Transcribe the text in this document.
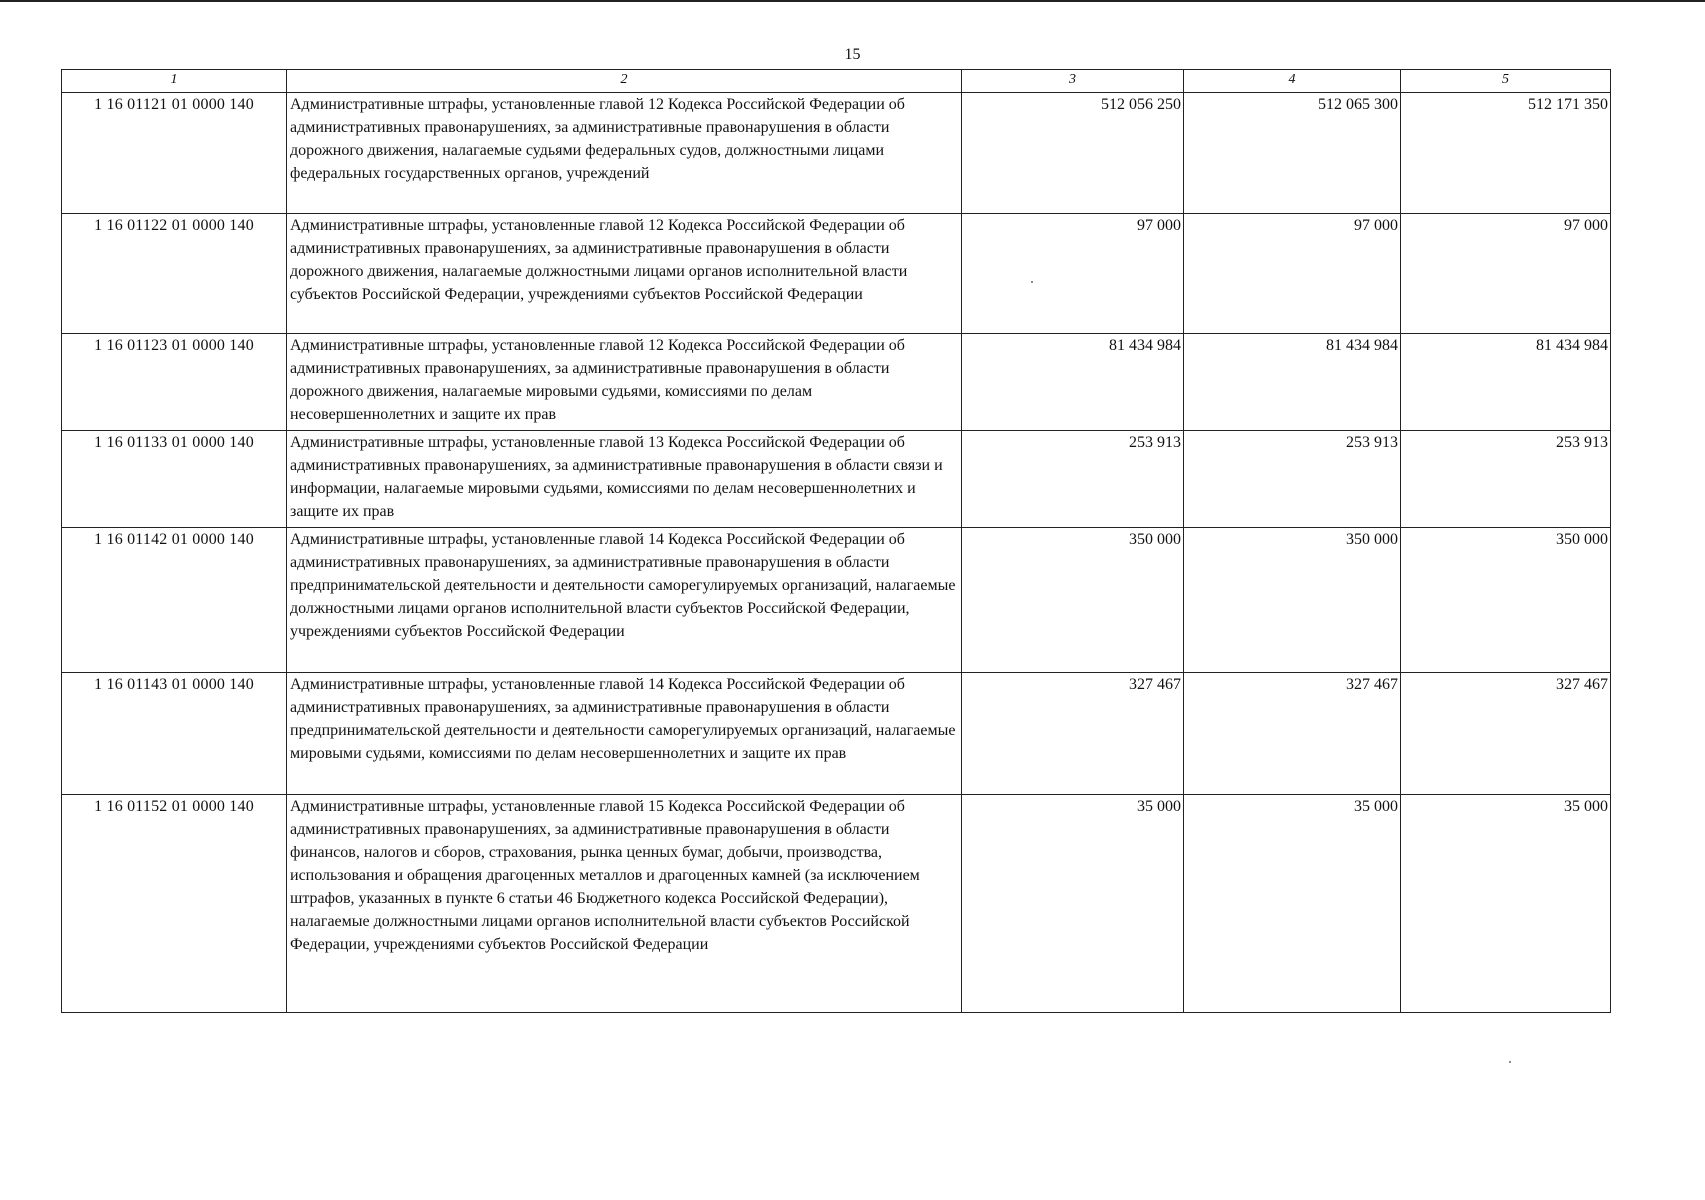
15
1	2	3	4	5
1 16 01121 01 0000 140	Административные штрафы, установленные главой 12 Кодекса Российской Федерации об административных правонарушениях, за административные правонарушения в области дорожного движения, налагаемые судьями федеральных судов, должностными лицами федеральных государственных органов, учреждений	512 056 250	512 065 300	512 171 350
1 16 01122 01 0000 140	Административные штрафы, установленные главой 12 Кодекса Российской Федерации об административных правонарушениях, за административные правонарушения в области дорожного движения, налагаемые должностными лицами органов исполнительной власти субъектов Российской Федерации, учреждениями субъектов Российской Федерации	97 000	97 000	97 000
1 16 01123 01 0000 140	Административные штрафы, установленные главой 12 Кодекса Российской Федерации об административных правонарушениях, за административные правонарушения в области дорожного движения, налагаемые мировыми судьями, комиссиями по делам несовершеннолетних и защите их прав	81 434 984	81 434 984	81 434 984
1 16 01133 01 0000 140	Административные штрафы, установленные главой 13 Кодекса Российской Федерации об административных правонарушениях, за административные правонарушения в области связи и информации, налагаемые мировыми судьями, комиссиями по делам несовершеннолетних и защите их прав	253 913	253 913	253 913
1 16 01142 01 0000 140	Административные штрафы, установленные главой 14 Кодекса Российской Федерации об административных правонарушениях, за административные правонарушения в области предпринимательской деятельности и деятельности саморегулируемых организаций, налагаемые должностными лицами органов исполнительной власти субъектов Российской Федерации, учреждениями субъектов Российской Федерации	350 000	350 000	350 000
1 16 01143 01 0000 140	Административные штрафы, установленные главой 14 Кодекса Российской Федерации об административных правонарушениях, за административные правонарушения в области предпринимательской деятельности и деятельности саморегулируемых организаций, налагаемые мировыми судьями, комиссиями по делам несовершеннолетних и защите их прав	327 467	327 467	327 467
1 16 01152 01 0000 140	Административные штрафы, установленные главой 15 Кодекса Российской Федерации об административных правонарушениях, за административные правонарушения в области финансов, налогов и сборов, страхования, рынка ценных бумаг, добычи, производства, использования и обращения драгоценных металлов и драгоценных камней (за исключением штрафов, указанных в пункте 6 статьи 46 Бюджетного кодекса Российской Федерации), налагаемые должностными лицами органов исполнительной власти субъектов Российской Федерации, учреждениями субъектов Российской Федерации	35 000	35 000	35 000
